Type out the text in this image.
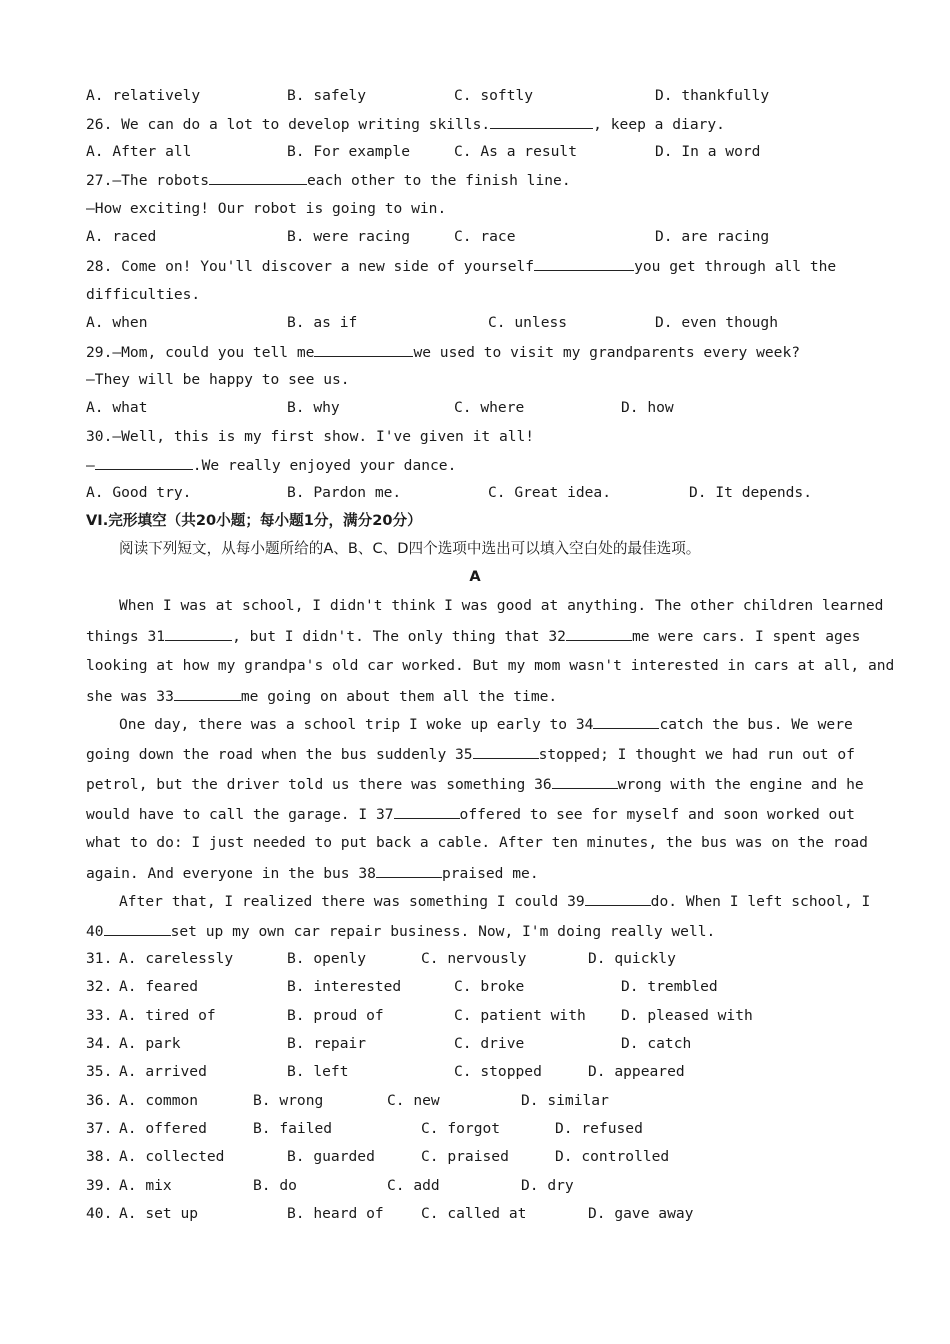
A. relatively	B. safely	C. softly	D. thankfully
26. We can do a lot to develop writing skills.	, keep a diary.
A. After all	B. For example	C. As a result	D. In a word
27.—The robots	each other to the finish line.
—How exciting! Our robot is going to win.
A. raced	B. were racing	C. race	D. are racing
28. Come on! You'll discover a new side of yourself	you get through all the
difficulties.
A. when	B. as if	C. unless	D. even though
29.—Mom, could you tell me	we used to visit my grandparents every week?
—They will be happy to see us.
A. what	B. why	C. where	D. how
30.—Well, this is my first show. I've given it all!
—	.We really enjoyed your dance.
A. Good try.	B. Pardon me.	C. Great idea.	D. It depends.
VI.完形填空（共20小题；每小题1分，满分20分）
阅读下列短文，从每小题所给的A、B、C、D四个选项中选出可以填入空白处的最佳选项。
A
When I was at school, I didn't think I was good at anything. The other children learned
things 31	, but I didn't. The only thing that 32	me were cars. I spent ages
looking at how my grandpa's old car worked. But my mom wasn't interested in cars at all, and
she was 33	me going on about them all the time.
One day, there was a school trip I woke up early to 34	catch the bus. We were
going down the road when the bus suddenly 35	stopped; I thought we had run out of
petrol, but the driver told us there was something 36	wrong with the engine and he
would have to call the garage. I 37	offered to see for myself and soon worked out
what to do: I just needed to put back a cable. After ten minutes, the bus was on the road
again. And everyone in the bus 38	praised me.
After that, I realized there was something I could 39	do. When I left school, I
40	set up my own car repair business. Now, I'm doing really well.
31. A. carelessly	B. openly	C. nervously	D. quickly
32. A. feared	B. interested	C. broke	D. trembled
33. A. tired of	B. proud of	C. patient with D. pleased with
34. A. park	B. repair	C. drive	D. catch
35. A. arrived	B. left	C. stopped	D. appeared
36. A. common	B. wrong	C. new	D. similar
37. A. offered	B. failed	C. forgot	D. refused
38. A. collected	B. guarded	C. praised	D. controlled
39. A. mix	B. do	C. add	D. dry
40. A. set up	B. heard of	C. called at	D. gave away
